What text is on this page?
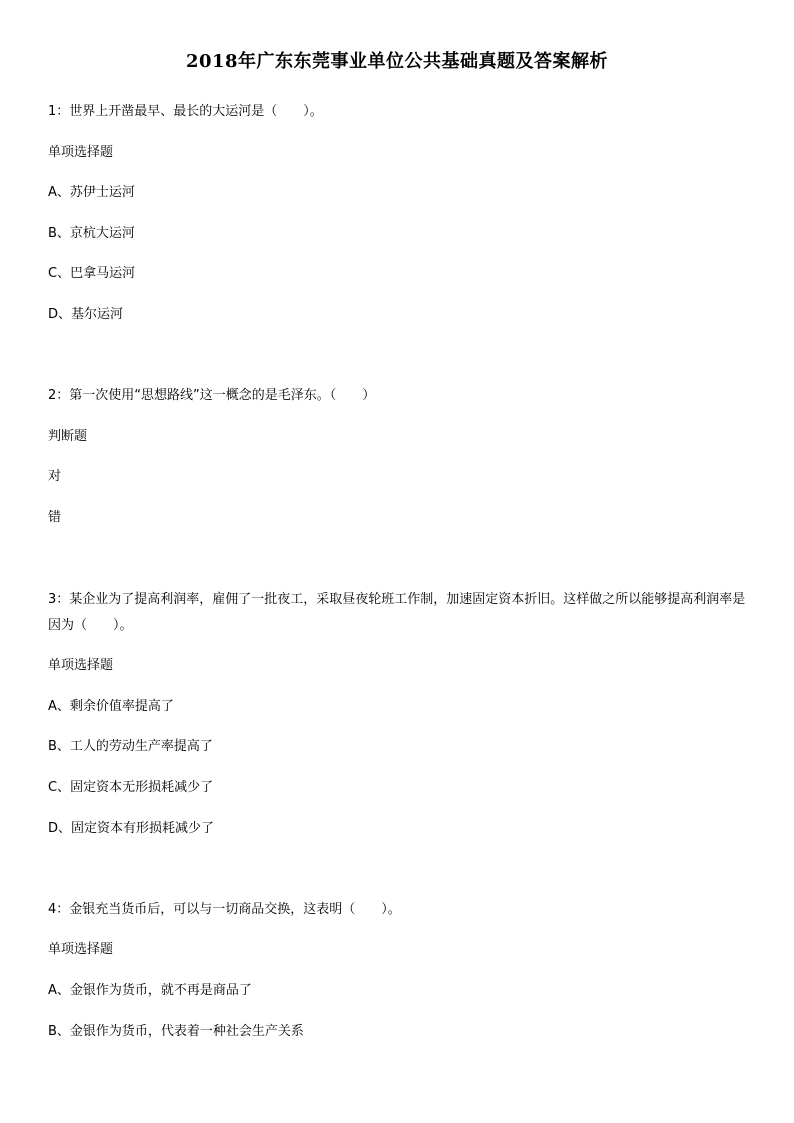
2018年广东东莞事业单位公共基础真题及答案解析
1：世界上开凿最早、最长的大运河是（　　）。
单项选择题
A、苏伊士运河
B、京杭大运河
C、巴拿马运河
D、基尔运河
2：第一次使用“思想路线”这一概念的是毛泽东。（　　）
判断题
对
错
3：某企业为了提高利润率，雇佣了一批夜工，采取昼夜轮班工作制，加速固定资本折旧。这样做之所以能够提高利润率是因为（　　）。
单项选择题
A、剩余价值率提高了
B、工人的劳动生产率提高了
C、固定资本无形损耗减少了
D、固定资本有形损耗减少了
4：金银充当货币后，可以与一切商品交换，这表明（　　）。
单项选择题
A、金银作为货币，就不再是商品了
B、金银作为货币，代表着一种社会生产关系
